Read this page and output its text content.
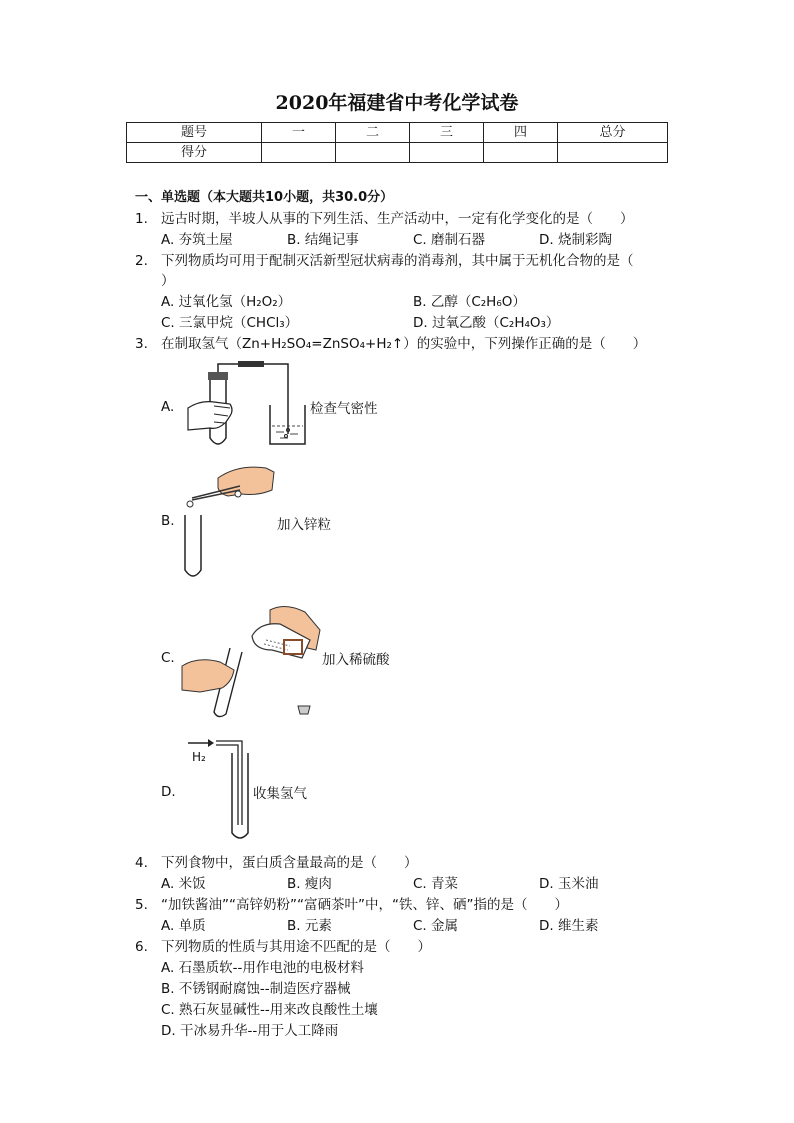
2020年福建省中考化学试卷
题号	一	二	三	四	总分
得分					
一、单选题（本大题共10小题，共30.0分）
1. 远古时期，半坡人从事的下列生活、生产活动中，一定有化学变化的是（　　）
A. 夯筑土屋	B. 结绳记事	C. 磨制石器	D. 烧制彩陶
2. 下列物质均可用于配制灭活新型冠状病毒的消毒剂，其中属于无机化合物的是（
）
A. 过氧化氢（H₂O₂）	B. 乙醇（C₂H₆O）
C. 三氯甲烷（CHCl₃）	D. 过氧乙酸（C₂H₄O₃）
3. 在制取氢气（Zn+H₂SO₄=ZnSO₄+H₂↑）的实验中，下列操作正确的是（　　）
A.	检查气密性
B.	加入锌粒
C.	加入稀硫酸
D.
H₂
收集氢气
4. 下列食物中，蛋白质含量最高的是（　　）
A. 米饭	B. 瘦肉	C. 青菜	D. 玉米油
5. “加铁酱油”“高锌奶粉”“富硒茶叶”中，“铁、锌、硒”指的是（　　）
A. 单质	B. 元素	C. 金属	D. 维生素
6. 下列物质的性质与其用途不匹配的是（　　）
A. 石墨质软--用作电池的电极材料
B. 不锈钢耐腐蚀--制造医疗器械
C. 熟石灰显碱性--用来改良酸性土壤
D. 干冰易升华--用于人工降雨
